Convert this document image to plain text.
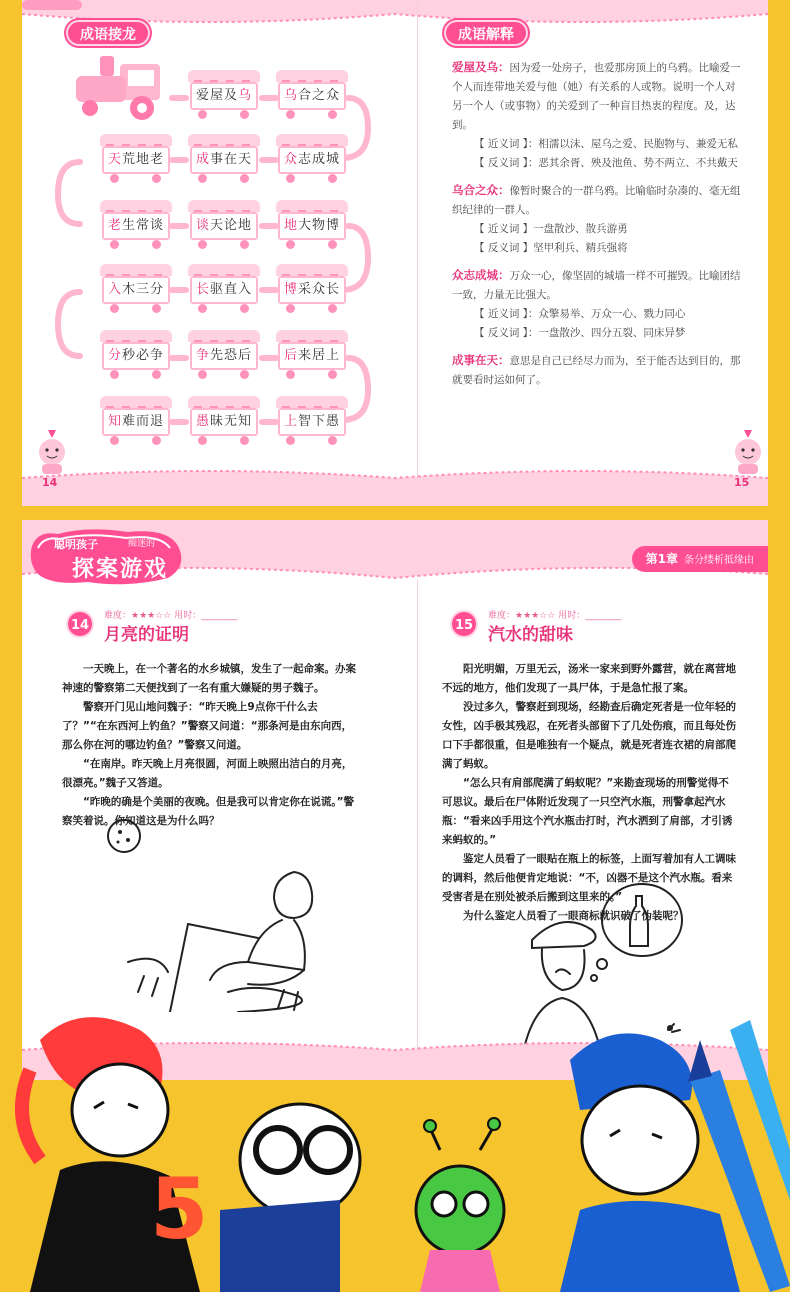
成语接龙	成语解释
爱屋及乌	乌合之众
天荒地老	成事在天	众志成城
老生常谈	谈天论地	地大物博
入木三分	长驱直入	博采众长
分秒必争	争先恐后	后来居上
知难而退	愚昧无知	上智下愚
14	15
爱屋及乌：因为爱一处房子，也爱那房顶上的乌鸦。比喻爱一个人而连带地关爱与他（她）有关系的人或物。说明一个人对另一个人（或事物）的关爱到了一种盲目热衷的程度。及，达到。
【 近义词 】：相濡以沫、屋乌之爱、民胞物与、兼爱无私
【 反义词 】：恶其余胥、殃及池鱼、势不两立、不共戴天
乌合之众：像暂时聚合的一群乌鸦。比喻临时杂凑的、毫无组织纪律的一群人。
【 近义词 】一盘散沙、散兵游勇
【 反义词 】坚甲利兵、精兵强将
众志成城：万众一心，像坚固的城墙一样不可摧毁。比喻团结一致，力量无比强大。
【 近义词 】：众擎易举、万众一心、戮力同心
【 反义词 】：一盘散沙、四分五裂、同床异梦
成事在天：意思是自己已经尽力而为，至于能否达到目的，那就要看时运如何了。
聪明孩子	痴迷的
探案游戏	第1章 条分缕析抵缘由
14
难度：★★★☆☆ 用时：________
月亮的证明

一天晚上，在一个著名的水乡城镇，发生了一起命案。办案神速的警察第二天便找到了一名有重大嫌疑的男子魏子。

警察开门见山地问魏子：“昨天晚上9点你干什么去了？”“在东西河上钓鱼？”警察又问道：“那条河是由东向西，那么你在河的哪边钓鱼？”警察又问道。

“在南岸。昨天晚上月亮很圆，河面上映照出洁白的月亮，很漂亮。”魏子又答道。

“昨晚的确是个美丽的夜晚。但是我可以肯定你在说谎。”警察笑着说。你知道这是为什么吗？

15
难度：★★★☆☆ 用时：________
汽水的甜味

阳光明媚，万里无云，汤米一家来到野外露营，就在离营地不远的地方，他们发现了一具尸体，于是急忙报了案。

没过多久，警察赶到现场，经勘查后确定死者是一位年轻的女性，凶手极其残忍，在死者头部留下了几处伤痕，而且每处伤口下手都很重，但是唯独有一个疑点，就是死者连衣裙的肩部爬满了蚂蚁。

“怎么只有肩部爬满了蚂蚁呢？”来勘查现场的刑警觉得不可思议。最后在尸体附近发现了一只空汽水瓶，刑警拿起汽水瓶：“看来凶手用这个汽水瓶击打时，汽水洒到了肩部，才引诱来蚂蚁的。”

鉴定人员看了一眼贴在瓶上的标签，上面写着加有人工调味的调料，然后他便肯定地说：“不，凶器不是这个汽水瓶。看来受害者是在别处被杀后搬到这里来的。”

为什么鉴定人员看了一眼商标就识破了伪装呢？

5
